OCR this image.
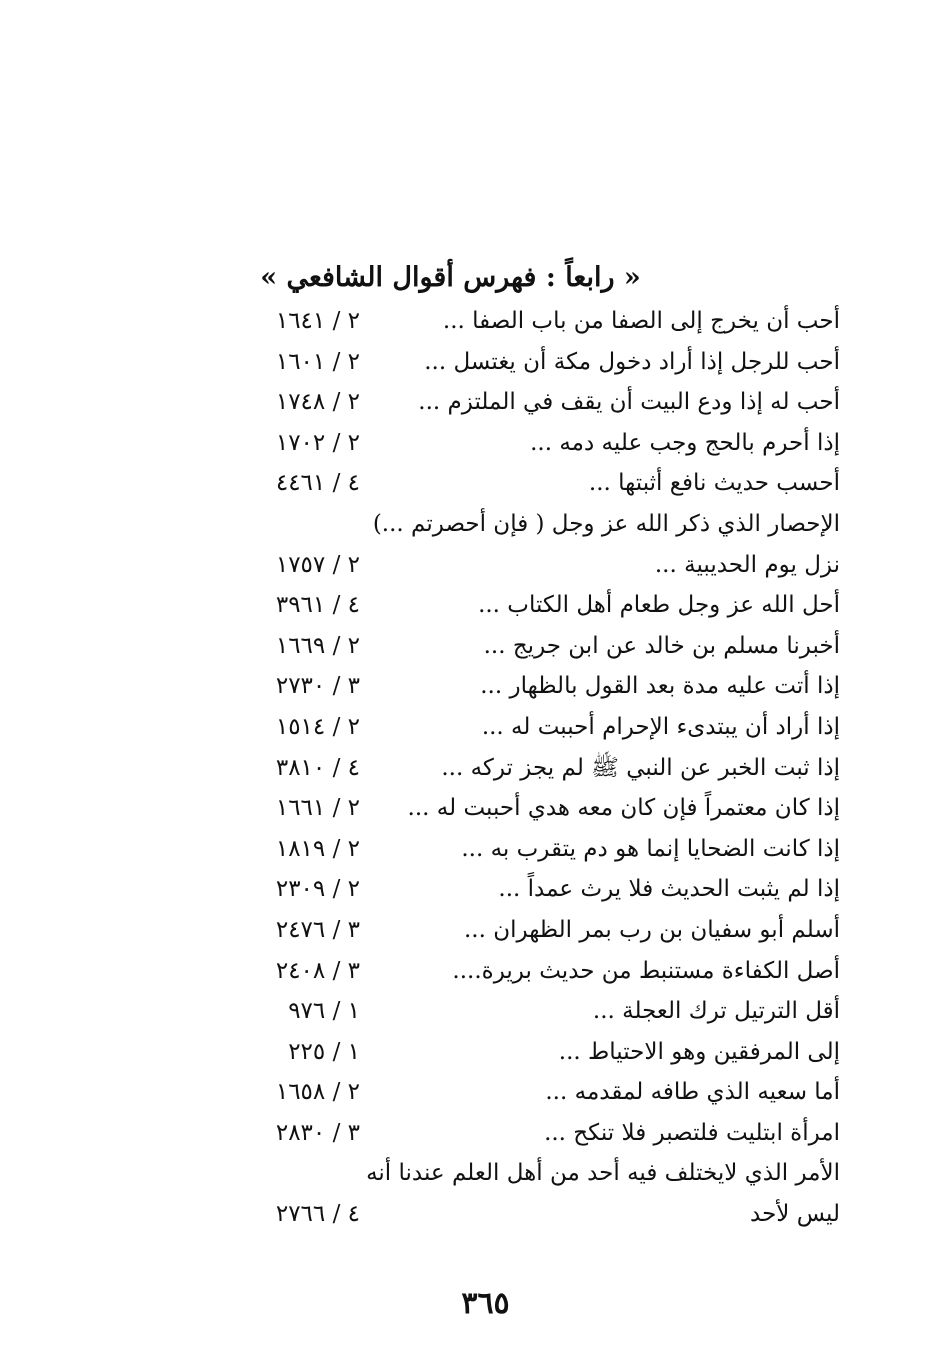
« رابعاً : فهرس أقوال الشافعي »
أحب أن يخرج إلى الصفا من باب الصفا ...
٢ / ١٦٤١
أحب للرجل إذا أراد دخول مكة أن يغتسل ...
٢ / ١٦٠١
أحب له إذا ودع البيت أن يقف في الملتزم ...
٢ / ١٧٤٨
إذا أحرم بالحج وجب عليه دمه ...
٢ / ١٧٠٢
أحسب حديث نافع أثبتها ...
٤ / ٤٤٦١
الإحصار الذي ذكر الله عز وجل ( فإن أحصرتم ...)
نزل يوم الحديبية ...
٢ / ١٧٥٧
أحل الله عز وجل طعام أهل الكتاب ...
٤ / ٣٩٦١
أخبرنا مسلم بن خالد عن ابن جريج ...
٢ / ١٦٦٩
إذا أتت عليه مدة بعد القول بالظهار ...
٣ / ٢٧٣٠
إذا أراد أن يبتدىء الإحرام أحببت له ...
٢ / ١٥١٤
إذا ثبت الخبر عن النبي ﷺ لم يجز تركه ...
٤ / ٣٨١٠
إذا كان معتمراً فإن كان معه هدي أحببت له ...
٢ / ١٦٦١
إذا كانت الضحايا إنما هو دم يتقرب به ...
٢ / ١٨١٩
إذا لم يثبت الحديث فلا يرث عمداً ...
٢ / ٢٣٠٩
أسلم أبو سفيان بن رب بمر الظهران ...
٣ / ٢٤٧٦
أصل الكفاءة مستنبط من حديث بريرة....
٣ / ٢٤٠٨
أقل الترتيل ترك العجلة ...
١ / ٩٧٦
إلى المرفقين وهو الاحتياط ...
١ / ٢٢٥
أما سعيه الذي طافه لمقدمه ...
٢ / ١٦٥٨
امرأة ابتليت فلتصبر فلا تنكح ...
٣ / ٢٨٣٠
الأمر الذي لايختلف فيه أحد من أهل العلم عندنا أنه
ليس لأحد
٤ / ٢٧٦٦
٣٦٥
